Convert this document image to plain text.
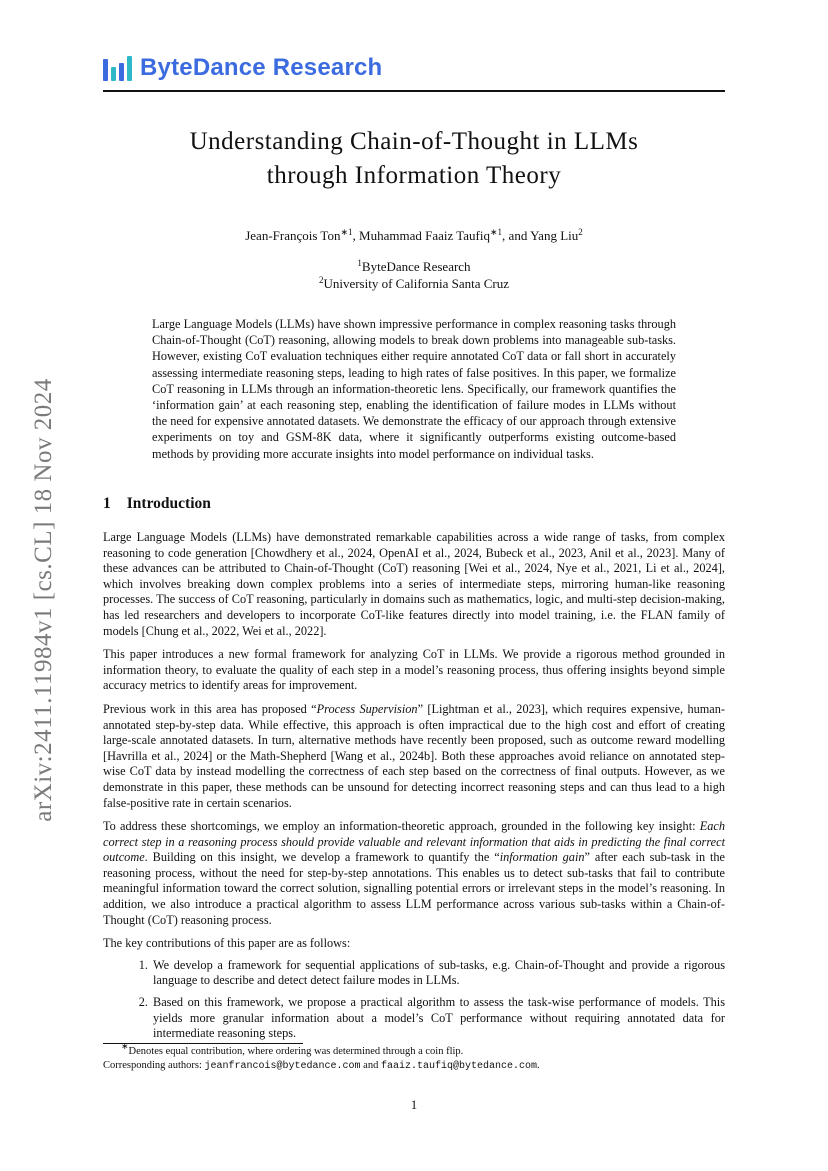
ByteDance Research
arXiv:2411.11984v1 [cs.CL] 18 Nov 2024
Understanding Chain-of-Thought in LLMs
through Information Theory
Jean-François Ton$^{∗1}$, Muhammad Faaiz Taufiq$^{∗1}$, and Yang Liu$^2$
$^1$ByteDance Research
$^2$University of California Santa Cruz
Large Language Models (LLMs) have shown impressive performance in complex reasoning tasks through Chain-of-Thought (CoT) reasoning, allowing models to break down problems into manageable sub-tasks. However, existing CoT evaluation techniques either require annotated CoT data or fall short in accurately assessing intermediate reasoning steps, leading to high rates of false positives. In this paper, we formalize CoT reasoning in LLMs through an information-theoretic lens. Specifically, our framework quantifies the ‘information gain’ at each reasoning step, enabling the identification of failure modes in LLMs without the need for expensive annotated datasets. We demonstrate the efficacy of our approach through extensive experiments on toy and GSM-8K data, where it significantly outperforms existing outcome-based methods by providing more accurate insights into model performance on individual tasks.
1 Introduction

Large Language Models (LLMs) have demonstrated remarkable capabilities across a wide range of tasks, from complex reasoning to code generation [Chowdhery et al., 2024, OpenAI et al., 2024, Bubeck et al., 2023, Anil et al., 2023]. Many of these advances can be attributed to Chain-of-Thought (CoT) reasoning [Wei et al., 2024, Nye et al., 2021, Li et al., 2024], which involves breaking down complex problems into a series of intermediate steps, mirroring human-like reasoning processes. The success of CoT reasoning, particularly in domains such as mathematics, logic, and multi-step decision-making, has led researchers and developers to incorporate CoT-like features directly into model training, i.e. the FLAN family of models [Chung et al., 2022, Wei et al., 2022].

This paper introduces a new formal framework for analyzing CoT in LLMs. We provide a rigorous method grounded in information theory, to evaluate the quality of each step in a model’s reasoning process, thus offering insights beyond simple accuracy metrics to identify areas for improvement.

Previous work in this area has proposed “Process Supervision” [Lightman et al., 2023], which requires expensive, human-annotated step-by-step data. While effective, this approach is often impractical due to the high cost and effort of creating large-scale annotated datasets. In turn, alternative methods have recently been proposed, such as outcome reward modelling [Havrilla et al., 2024] or the Math-Shepherd [Wang et al., 2024b]. Both these approaches avoid reliance on annotated step-wise CoT data by instead modelling the correctness of each step based on the correctness of final outputs. However, as we demonstrate in this paper, these methods can be unsound for detecting incorrect reasoning steps and can thus lead to a high false-positive rate in certain scenarios.

To address these shortcomings, we employ an information-theoretic approach, grounded in the following key insight: Each correct step in a reasoning process should provide valuable and relevant information that aids in predicting the final correct outcome. Building on this insight, we develop a framework to quantify the “information gain” after each sub-task in the reasoning process, without the need for step-by-step annotations. This enables us to detect sub-tasks that fail to contribute meaningful information toward the correct solution, signalling potential errors or irrelevant steps in the model’s reasoning. In addition, we also introduce a practical algorithm to assess LLM performance across various sub-tasks within a Chain-of-Thought (CoT) reasoning process.

The key contributions of this paper are as follows:

1. We develop a framework for sequential applications of sub-tasks, e.g. Chain-of-Thought and provide a rigorous language to describe and detect detect failure modes in LLMs.
2. Based on this framework, we propose a practical algorithm to assess the task-wise performance of models. This yields more granular information about a model’s CoT performance without requiring annotated data for intermediate reasoning steps.
∗Denotes equal contribution, where ordering was determined through a coin flip.
Corresponding authors: jeanfrancois@bytedance.com and faaiz.taufiq@bytedance.com.
1
